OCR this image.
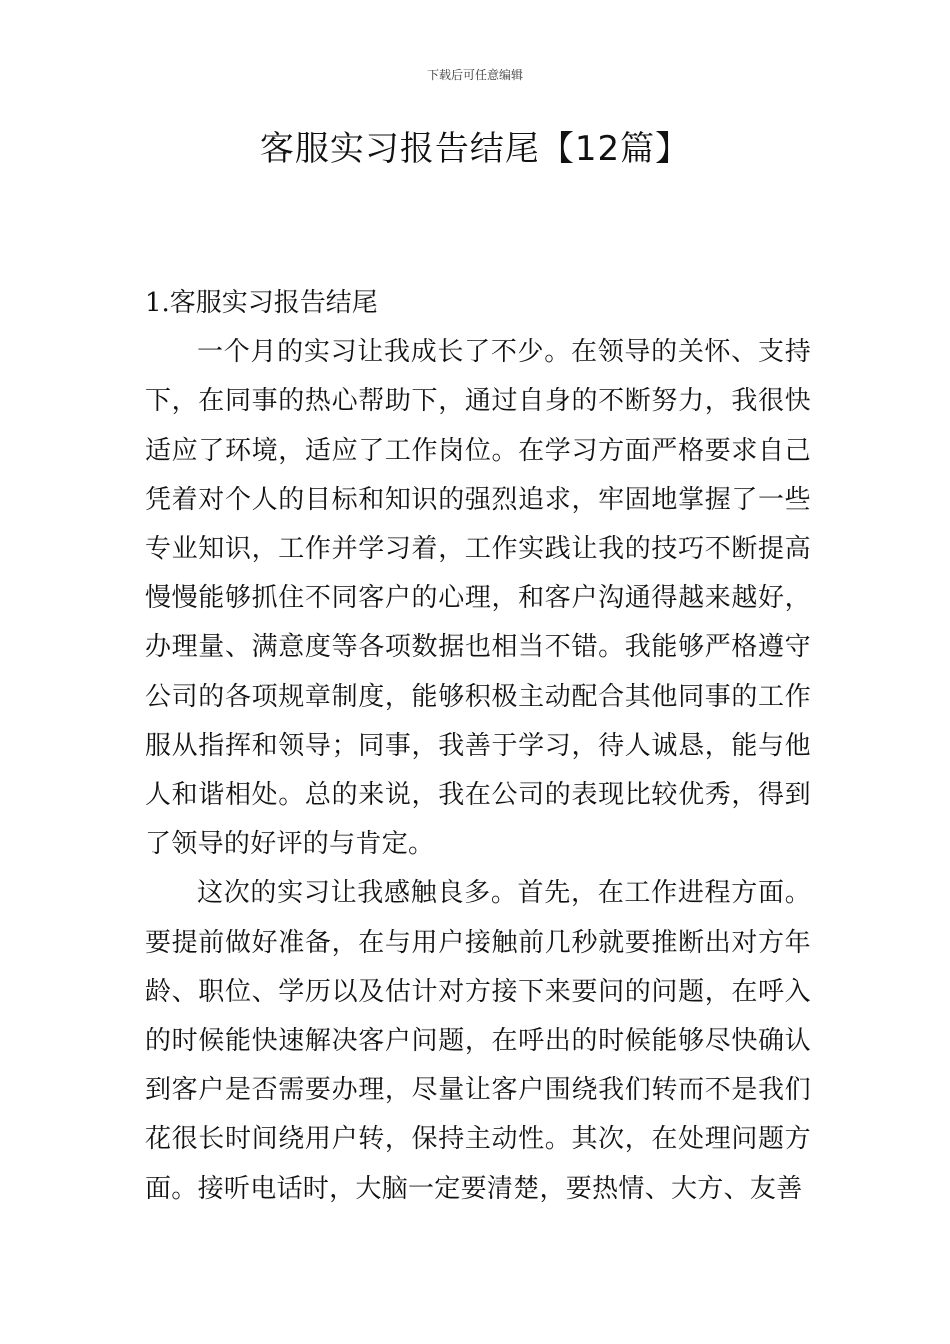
下载后可任意编辑
客服实习报告结尾【12篇】
1.客服实习报告结尾

一个月的实习让我成长了不少。在领导的关怀、支持下，在同事的热心帮助下，通过自身的不断努力，我很快适应了环境，适应了工作岗位。在学习方面严格要求自己凭着对个人的目标和知识的强烈追求，牢固地掌握了一些专业知识，工作并学习着，工作实践让我的技巧不断提高慢慢能够抓住不同客户的心理，和客户沟通得越来越好，办理量、满意度等各项数据也相当不错。我能够严格遵守公司的各项规章制度，能够积极主动配合其他同事的工作服从指挥和领导；同事，我善于学习，待人诚恳，能与他人和谐相处。总的来说，我在公司的表现比较优秀，得到了领导的好评的与肯定。

这次的实习让我感触良多。首先，在工作进程方面。要提前做好准备，在与用户接触前几秒就要推断出对方年龄、职位、学历以及估计对方接下来要问的问题，在呼入的时候能快速解决客户问题，在呼出的时候能够尽快确认到客户是否需要办理，尽量让客户围绕我们转而不是我们花很长时间绕用户转，保持主动性。其次，在处理问题方面。接听电话时，大脑一定要清楚，要热情、大方、友善
